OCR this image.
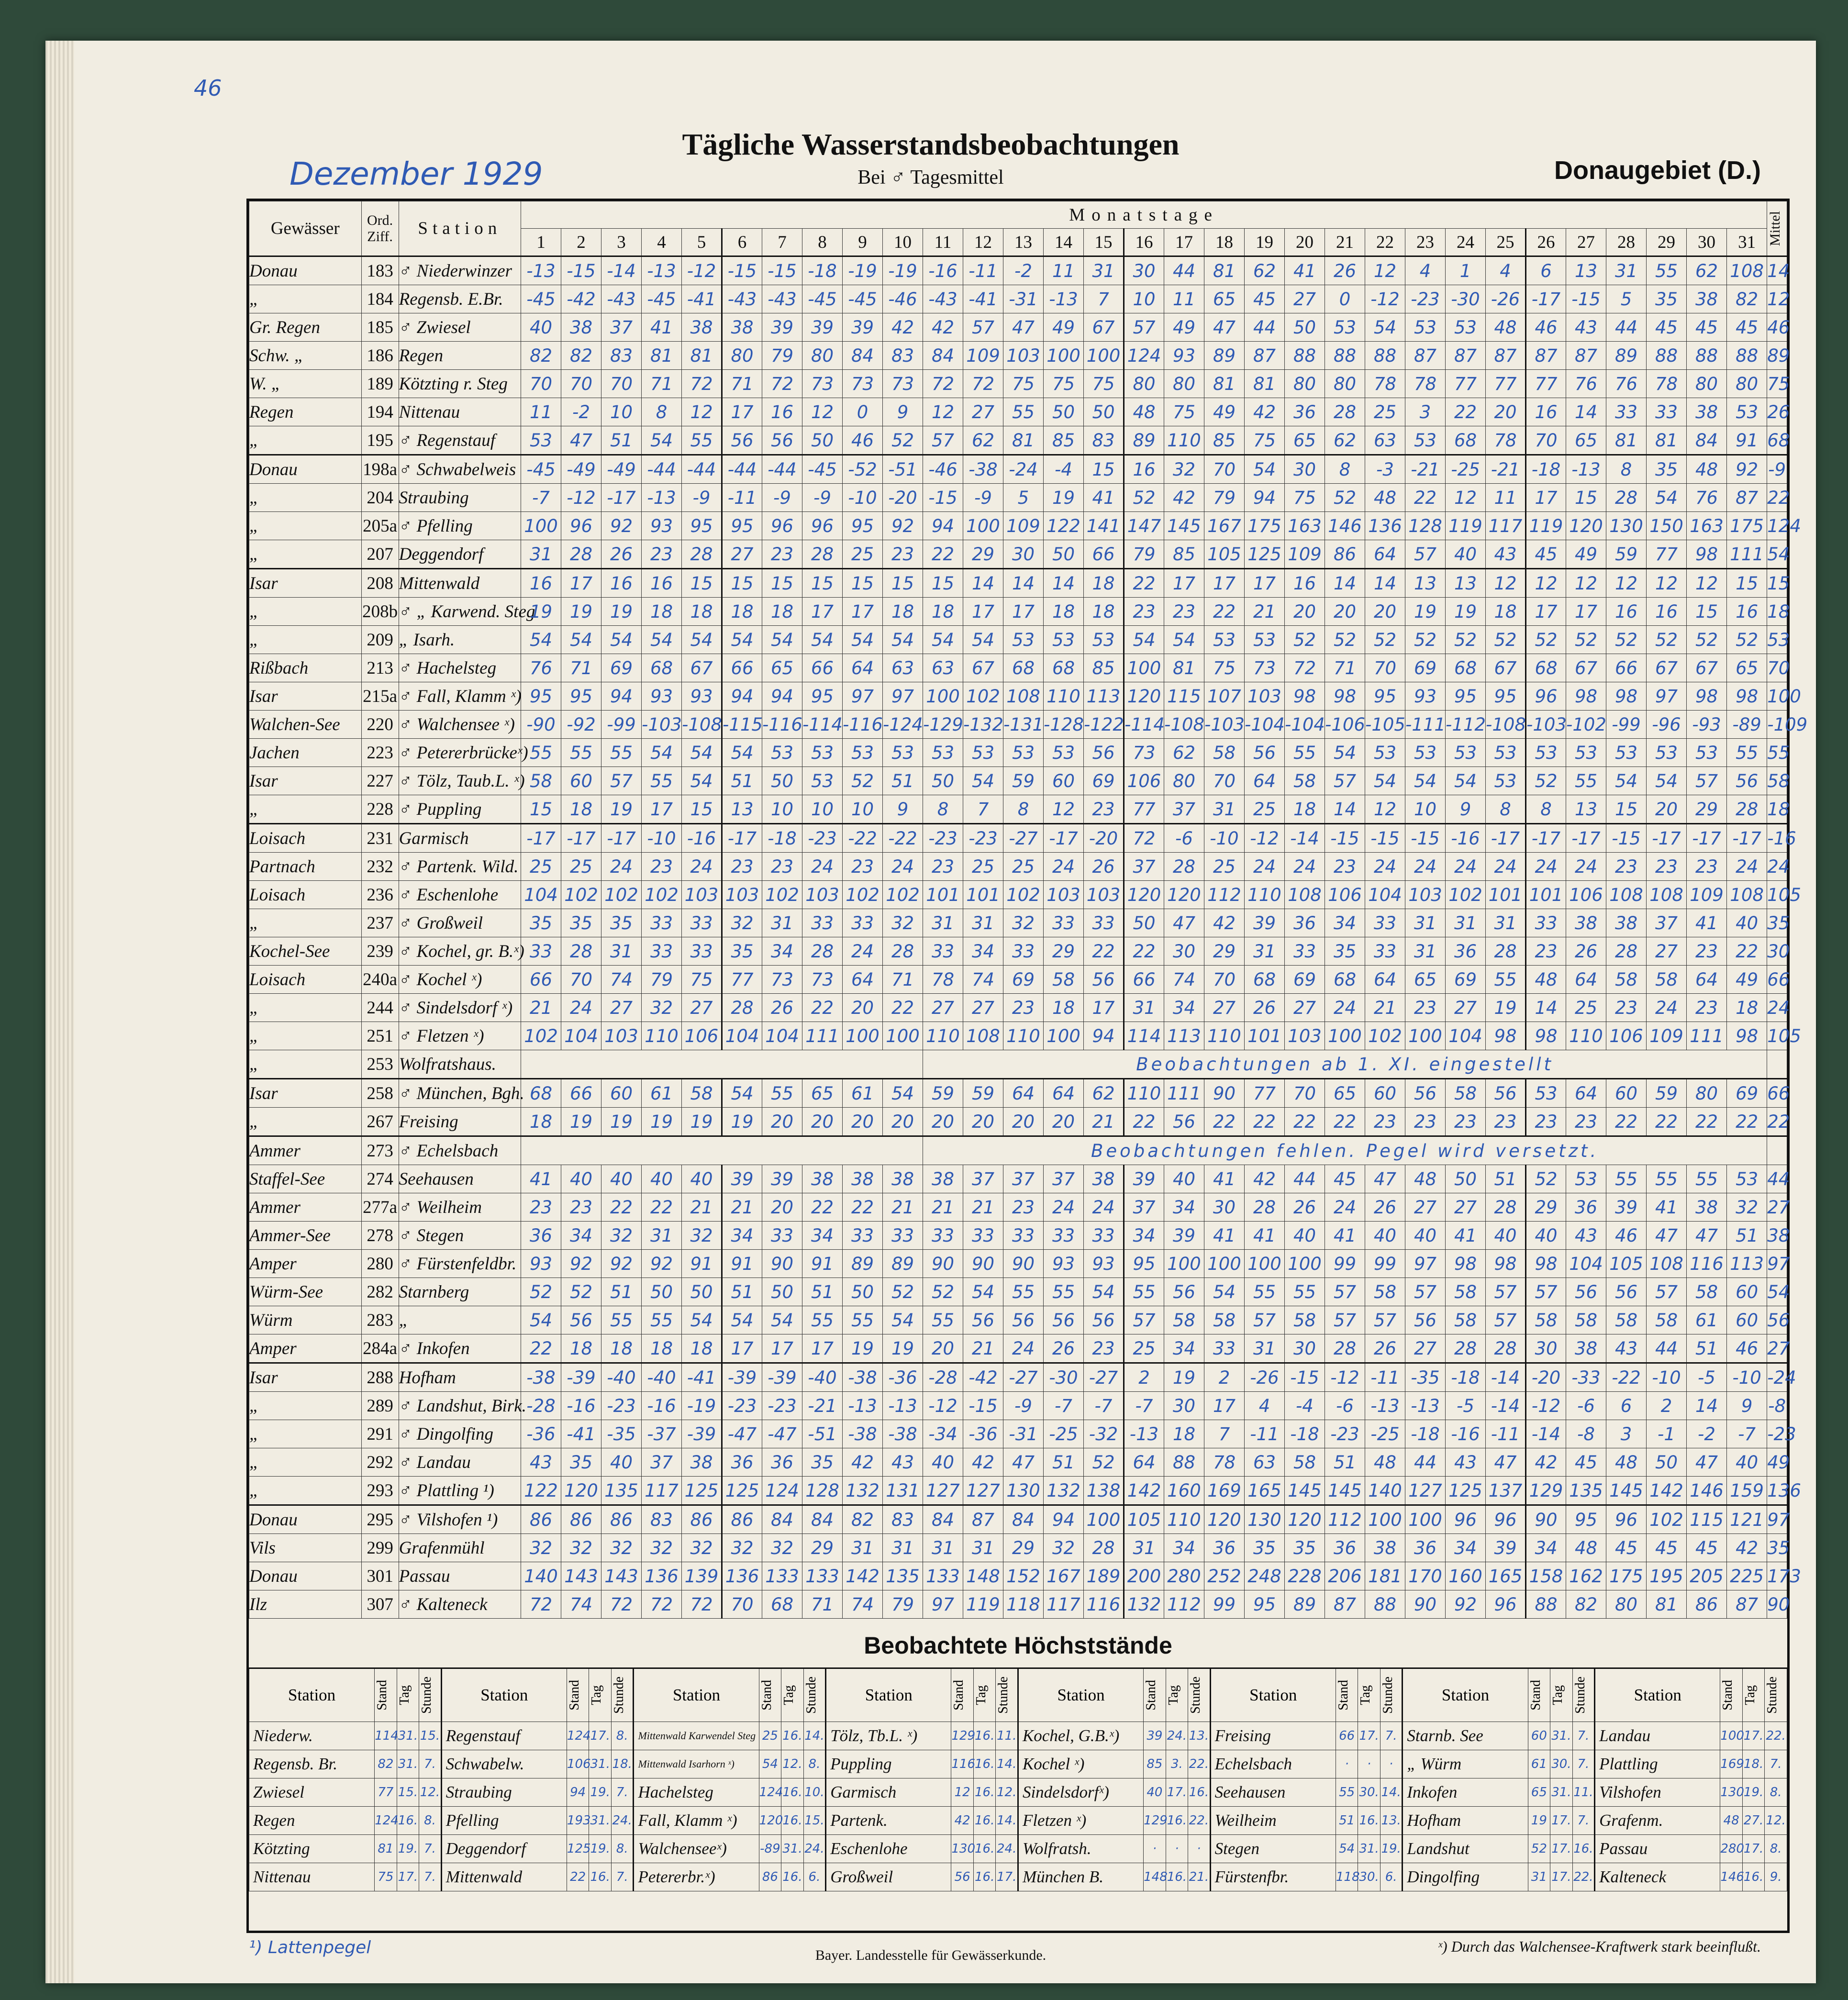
46
Dezember 1929
Tägliche Wasserstandsbeobachtungen
Bei ♂ Tagesmittel	Donaugebiet (D.)
Gewässer	Ord. Ziff.	Station	Monatstage																															Mittel

			1	2	3	4	5	6	7	8	9	10	11	12	13	14	15	16	17	18	19	20	21	22	23	24	25	26	27	28	29	30	31	
Donau	183	♂ Niederwinzer	-13	-15	-14	-13	-12	-15	-15	-18	-19	-19	-16	-11	-2	11	31	30	44	81	62	41	26	12	4	1	4	6	13	31	55	62	108	14
„	184	Regensb. E.Br.	-45	-42	-43	-45	-41	-43	-43	-45	-45	-46	-43	-41	-31	-13	7	10	11	65	45	27	0	-12	-23	-30	-26	-17	-15	5	35	38	82	12
Gr. Regen	185	♂ Zwiesel	40	38	37	41	38	38	39	39	39	42	42	57	47	49	67	57	49	47	44	50	53	54	53	53	48	46	43	44	45	45	45	46
Schw. „	186	Regen	82	82	83	81	81	80	79	80	84	83	84	109	103	100	100	124	93	89	87	88	88	88	87	87	87	87	87	89	88	88	88	89
W. „	189	Kötzting r. Steg	70	70	70	71	72	71	72	73	73	73	72	72	75	75	75	80	80	81	81	80	80	78	78	77	77	77	76	76	78	80	80	75
Regen	194	Nittenau	11	-2	10	8	12	17	16	12	0	9	12	27	55	50	50	48	75	49	42	36	28	25	3	22	20	16	14	33	33	38	53	26
„	195	♂ Regenstauf	53	47	51	54	55	56	56	50	46	52	57	62	81	85	83	89	110	85	75	65	62	63	53	68	78	70	65	81	81	84	91	68
Donau	198a	♂ Schwabelweis	-45	-49	-49	-44	-44	-44	-44	-45	-52	-51	-46	-38	-24	-4	15	16	32	70	54	30	8	-3	-21	-25	-21	-18	-13	8	35	48	92	-9
„	204	Straubing	-7	-12	-17	-13	-9	-11	-9	-9	-10	-20	-15	-9	5	19	41	52	42	79	94	75	52	48	22	12	11	17	15	28	54	76	87	22
„	205a	♂ Pfelling	100	96	92	93	95	95	96	96	95	92	94	100	109	122	141	147	145	167	175	163	146	136	128	119	117	119	120	130	150	163	175	124
„	207	Deggendorf	31	28	26	23	28	27	23	28	25	23	22	29	30	50	66	79	85	105	125	109	86	64	57	40	43	45	49	59	77	98	111	54
Isar	208	Mittenwald	16	17	16	16	15	15	15	15	15	15	15	14	14	14	18	22	17	17	17	16	14	14	13	13	12	12	12	12	12	12	15	15
„	208b	♂ „ Karwend. Steg	19	19	19	18	18	18	18	17	17	18	18	17	17	18	18	23	23	22	21	20	20	20	19	19	18	17	17	16	16	15	16	18
„	209	„ Isarh.	54	54	54	54	54	54	54	54	54	54	54	54	53	53	53	54	54	53	53	52	52	52	52	52	52	52	52	52	52	52	52	53
Rißbach	213	♂ Hachelsteg	76	71	69	68	67	66	65	66	64	63	63	67	68	68	85	100	81	75	73	72	71	70	69	68	67	68	67	66	67	67	65	70
Isar	215a	♂ Fall, Klamm ˣ)	95	95	94	93	93	94	94	95	97	97	100	102	108	110	113	120	115	107	103	98	98	95	93	95	95	96	98	98	97	98	98	100
Walchen-See	220	♂ Walchensee ˣ)	-90	-92	-99	-103	-108	-115	-116	-114	-116	-124	-129	-132	-131	-128	-122	-114	-108	-103	-104	-104	-106	-105	-111	-112	-108	-103	-102	-99	-96	-93	-89	-109
Jachen	223	♂ Petererbrückeˣ)	55	55	55	54	54	54	53	53	53	53	53	53	53	53	56	73	62	58	56	55	54	53	53	53	53	53	53	53	53	53	55	55
Isar	227	♂ Tölz, Taub.L. ˣ)	58	60	57	55	54	51	50	53	52	51	50	54	59	60	69	106	80	70	64	58	57	54	54	54	53	52	55	54	54	57	56	58
„	228	♂ Puppling	15	18	19	17	15	13	10	10	10	9	8	7	8	12	23	77	37	31	25	18	14	12	10	9	8	8	13	15	20	29	28	18
Loisach	231	Garmisch	-17	-17	-17	-10	-16	-17	-18	-23	-22	-22	-23	-23	-27	-17	-20	72	-6	-10	-12	-14	-15	-15	-15	-16	-17	-17	-17	-15	-17	-17	-17	-16
Partnach	232	♂ Partenk. Wild.	25	25	24	23	24	23	23	24	23	24	23	25	25	24	26	37	28	25	24	24	23	24	24	24	24	24	24	23	23	23	24	24
Loisach	236	♂ Eschenlohe	104	102	102	102	103	103	102	103	102	102	101	101	102	103	103	120	120	112	110	108	106	104	103	102	101	101	106	108	108	109	108	105
„	237	♂ Großweil	35	35	35	33	33	32	31	33	33	32	31	31	32	33	33	50	47	42	39	36	34	33	31	31	31	33	38	38	37	41	40	35
Kochel-See	239	♂ Kochel, gr. B.ˣ)	33	28	31	33	33	35	34	28	24	28	33	34	33	29	22	22	30	29	31	33	35	33	31	36	28	23	26	28	27	23	22	30
Loisach	240a	♂ Kochel ˣ)	66	70	74	79	75	77	73	73	64	71	78	74	69	58	56	66	74	70	68	69	68	64	65	69	55	48	64	58	58	64	49	66
„	244	♂ Sindelsdorf ˣ)	21	24	27	32	27	28	26	22	20	22	27	27	23	18	17	31	34	27	26	27	24	21	23	27	19	14	25	23	24	23	18	24
„	251	♂ Fletzen ˣ)	102	104	103	110	106	104	104	111	100	100	110	108	110	100	94	114	113	110	101	103	100	102	100	104	98	98	110	106	109	111	98	105
„	253	Wolfratshaus.											Beobachtungen ab 1. XI. eingestellt																					
Isar	258	♂ München, Bgh.	68	66	60	61	58	54	55	65	61	54	59	59	64	64	62	110	111	90	77	70	65	60	56	58	56	53	64	60	59	80	69	66
„	267	Freising	18	19	19	19	19	19	20	20	20	20	20	20	20	20	21	22	56	22	22	22	22	23	23	23	23	23	23	22	22	22	22	22
Ammer	273	♂ Echelsbach											Beobachtungen fehlen. Pegel wird versetzt.																					
Staffel-See	274	Seehausen	41	40	40	40	40	39	39	38	38	38	38	37	37	37	38	39	40	41	42	44	45	47	48	50	51	52	53	55	55	55	53	44
Ammer	277a	♂ Weilheim	23	23	22	22	21	21	20	22	22	21	21	21	23	24	24	37	34	30	28	26	24	26	27	27	28	29	36	39	41	38	32	27
Ammer-See	278	♂ Stegen	36	34	32	31	32	34	33	34	33	33	33	33	33	33	33	34	39	41	41	40	41	40	40	41	40	40	43	46	47	47	51	38
Amper	280	♂ Fürstenfeldbr.	93	92	92	92	91	91	90	91	89	89	90	90	90	93	93	95	100	100	100	100	99	99	97	98	98	98	104	105	108	116	113	97
Würm-See	282	Starnberg	52	52	51	50	50	51	50	51	50	52	52	54	55	55	54	55	56	54	55	55	57	58	57	58	57	57	56	56	57	58	60	54
Würm	283	„	54	56	55	55	54	54	54	55	55	54	55	56	56	56	56	57	58	58	57	58	57	57	56	58	57	58	58	58	58	61	60	56
Amper	284a	♂ Inkofen	22	18	18	18	18	17	17	17	19	19	20	21	24	26	23	25	34	33	31	30	28	26	27	28	28	30	38	43	44	51	46	27
Isar	288	Hofham	-38	-39	-40	-40	-41	-39	-39	-40	-38	-36	-28	-42	-27	-30	-27	2	19	2	-26	-15	-12	-11	-35	-18	-14	-20	-33	-22	-10	-5	-10	-24
„	289	♂ Landshut, Birk.	-28	-16	-23	-16	-19	-23	-23	-21	-13	-13	-12	-15	-9	-7	-7	-7	30	17	4	-4	-6	-13	-13	-5	-14	-12	-6	6	2	14	9	-8
„	291	♂ Dingolfing	-36	-41	-35	-37	-39	-47	-47	-51	-38	-38	-34	-36	-31	-25	-32	-13	18	7	-11	-18	-23	-25	-18	-16	-11	-14	-8	3	-1	-2	-7	-23
„	292	♂ Landau	43	35	40	37	38	36	36	35	42	43	40	42	47	51	52	64	88	78	63	58	51	48	44	43	47	42	45	48	50	47	40	49
„	293	♂ Plattling ¹)	122	120	135	117	125	125	124	128	132	131	127	127	130	132	138	142	160	169	165	145	145	140	127	125	137	129	135	145	142	146	159	136
Donau	295	♂ Vilshofen ¹)	86	86	86	83	86	86	84	84	82	83	84	87	84	94	100	105	110	120	130	120	112	100	100	96	96	90	95	96	102	115	121	97
Vils	299	Grafenmühl	32	32	32	32	32	32	32	29	31	31	31	31	29	32	28	31	34	36	35	35	36	38	36	34	39	34	48	45	45	45	42	35
Donau	301	Passau	140	143	143	136	139	136	133	133	142	135	133	148	152	167	189	200	280	252	248	228	206	181	170	160	165	158	162	175	195	205	225	173
Ilz	307	♂ Kalteneck	72	74	72	72	72	70	68	71	74	79	97	119	118	117	116	132	112	99	95	89	87	88	90	92	96	88	82	80	81	86	87	90
Beobachtete Höchststände
Station	Stand	Tag	Stunde	Station	Stand	Tag	Stunde	Station	Stand	Tag	Stunde	Station	Stand	Tag	Stunde	Station	Stand	Tag	Stunde	Station	Stand	Tag	Stunde	Station	Stand	Tag	Stunde	Station	Stand	Tag	Stunde

Niederw.	114	31.	15.	Regenstauf	124	17.	8.	Mittenwald Karwendel Steg	25	16.	14.	Tölz, Tb.L. ˣ)	129	16.	11.	Kochel, G.B.ˣ)	39	24.	13.	Freising	66	17.	7.	Starnb. See	60	31.	7.	Landau	100	17.	22.
Regensb. Br.	82	31.	7.	Schwabelw.	106	31.	18.	Mittenwald Isarhorn ˣ)	54	12.	8.	Puppling	116	16.	14.	Kochel ˣ)	85	3.	22.	Echelsbach	·	·	·	„ Würm	61	30.	7.	Plattling	169	18.	7.
Zwiesel	77	15.	12.	Straubing	94	19.	7.	Hachelsteg	124	16.	10.	Garmisch	12	16.	12.	Sindelsdorfˣ)	40	17.	16.	Seehausen	55	30.	14.	Inkofen	65	31.	11.	Vilshofen	130	19.	8.
Regen	124	16.	8.	Pfelling	193	31.	24.	Fall, Klamm ˣ)	120	16.	15.	Partenk.	42	16.	14.	Fletzen ˣ)	129	16.	22.	Weilheim	51	16.	13.	Hofham	19	17.	7.	Grafenm.	48	27.	12.
Kötzting	81	19.	7.	Deggendorf	125	19.	8.	Walchenseeˣ)	-89	31.	24.	Eschenlohe	130	16.	24.	Wolfratsh.	·	·	·	Stegen	54	31.	19.	Landshut	52	17.	16.	Passau	280	17.	8.
Nittenau	75	17.	7.	Mittenwald	22	16.	7.	Petererbr.ˣ)	86	16.	6.	Großweil	56	16.	17.	München B.	148	16.	21.	Fürstenfbr.	118	30.	6.	Dingolfing	31	17.	22.	Kalteneck	146	16.	9.
¹) Lattenpegel	Bayer. Landesstelle für Gewässerkunde.
ˣ) Durch das Walchensee-Kraftwerk stark beeinflußt.
